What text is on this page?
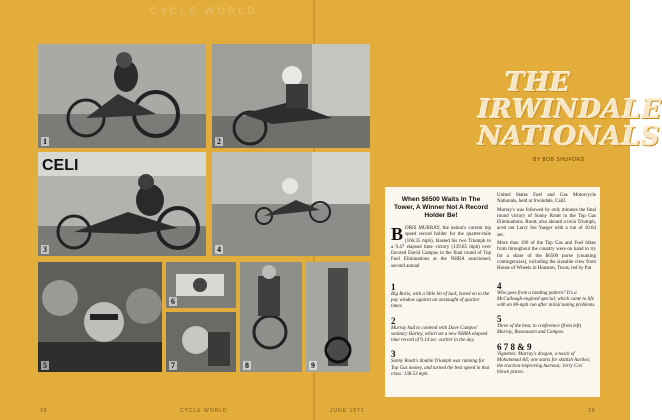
CYCLE WORLD
1	2
CELI
3	4
5
6
7	8	9
THE IRWINDALE NATIONALS
BY BOB SHUFORD
When $6500 Waits In The Tower, A Winner Not A Record Holder Be!

BORIS MURRAY, the nation's current top speed record holder for the quarter-mile (166.35 mph), blasted his two Triumph to a 9.47 elapsed time victory (139.85 mph) over favored David Campos in the final round of Top Fuel Eliminations at the NHRA sanctioned, second annual

1
Big Boris, with a little bit of luck, bored on to the pay window against an onslaught of quicker times.
2
Murray had to contend with Dave Campos' sanitary Harley, which set a new NHRA elapsed time record of 9.14 sec. earlier in the day.
3
Sonny Routt's double Triumph was running for Top Gas money, and turned the best speed in that class: 138.53 mph.

United States Fuel and Gas Motorcycle Nationals, held at Irwindale, Calif.

Murray's was followed by only minutes the final round victory of Sonny Routt in the Top Gas Eliminations. Routt, also aboard a twin Triumph, aced out Larry Joe Yaeger with a run of 10.64 sec.

More than 100 of the Top Gas and Fuel bikes from throughout the country were on hand to try for a share of the $6500 purse (counting contingencies), including the sizeable crew from House of Wheels in Houston, Texas, led by Pat

4
Who goes from a landing pattern? It's a McCullough-engined special, which came to life with an 80-mph run after initial tuning problems.
5
Three of the best, in conference (from left) Murray, Rasmussen and Campos.
6 7 8 & 9
Vignettes: Murray's dragon, a touch of Mohammad Ali; one starts for skittish Aurilex; the traction-improving burnout; Jerry Cox' blown piston.
38	CYCLE WORLD	JUNE 1971	39
